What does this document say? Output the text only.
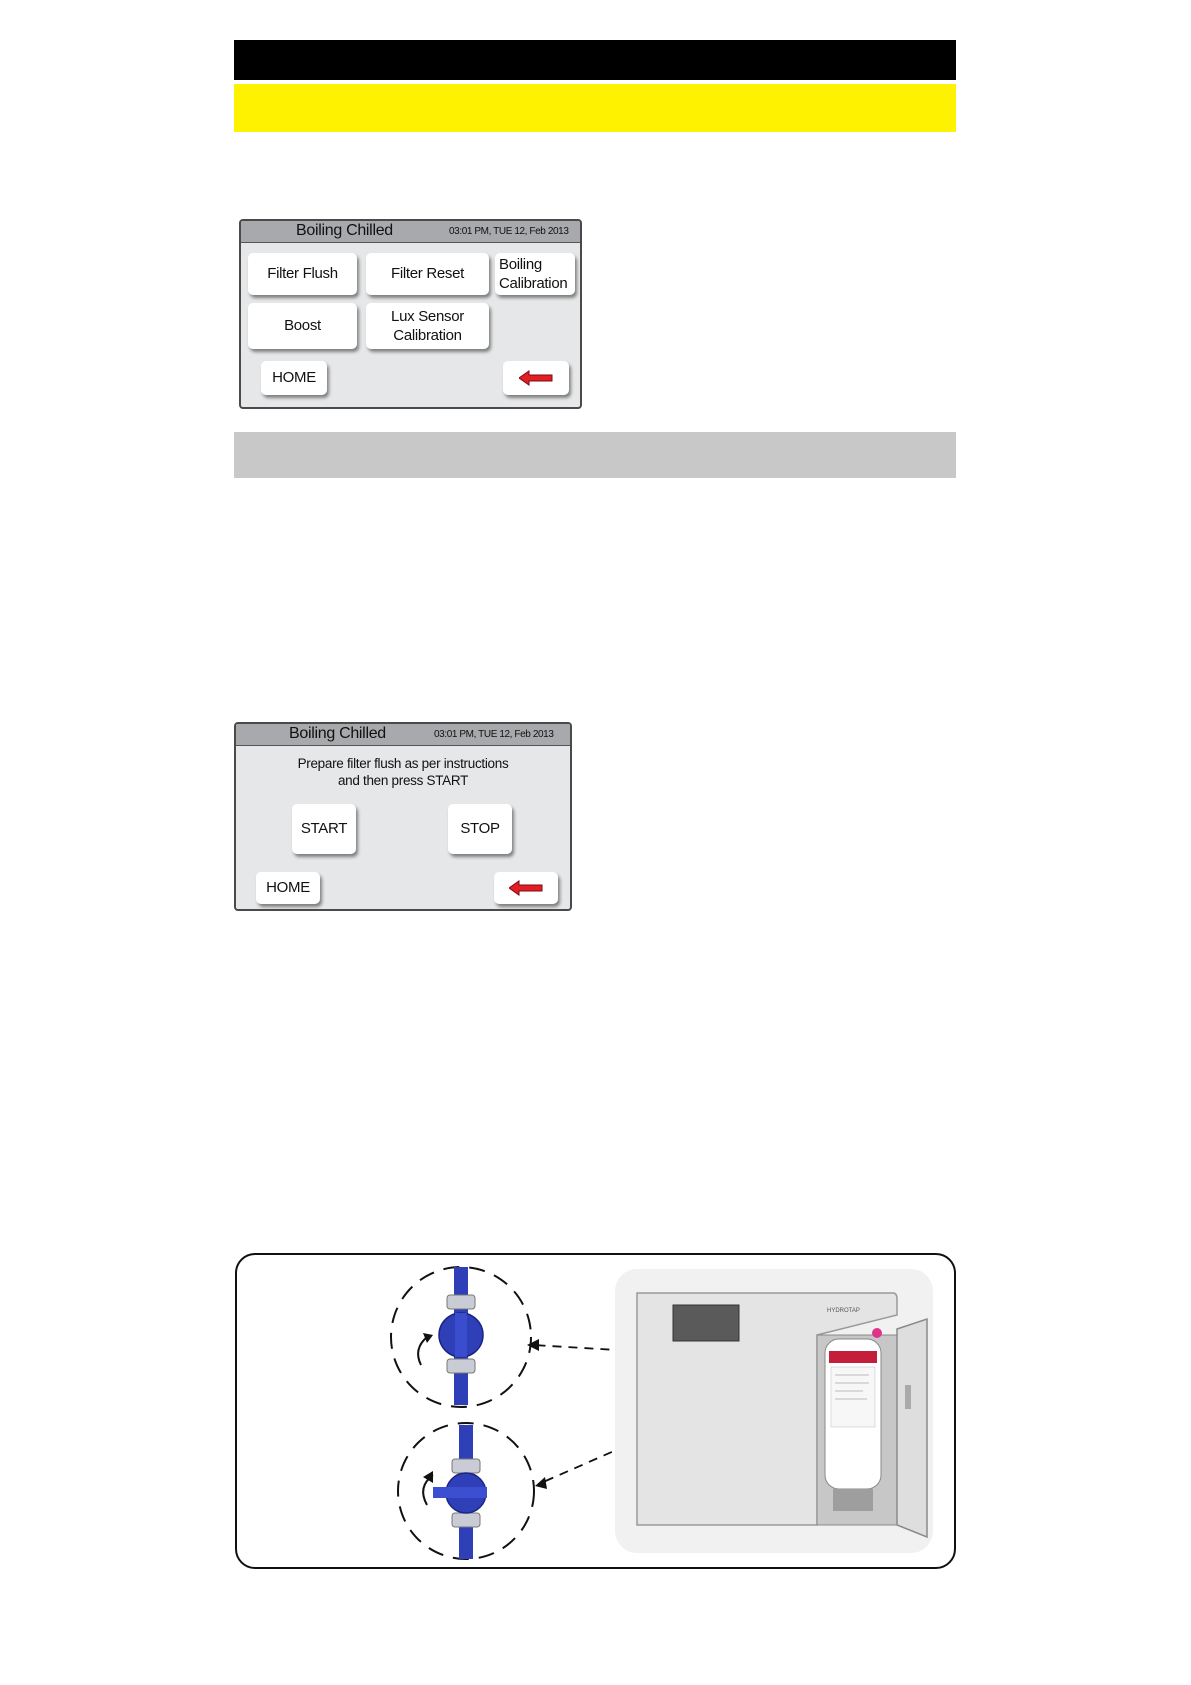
Boiling Chilled	03:01 PM, TUE 12, Feb 2013
Filter Flush	Filter Reset
Boiling
Calibration
Boost
Lux Sensor
Calibration
HOME
Boiling Chilled	03:01 PM, TUE 12, Feb 2013
Prepare filter flush as per instructions
and then press START
START	STOP
HOME
HYDROTAP
